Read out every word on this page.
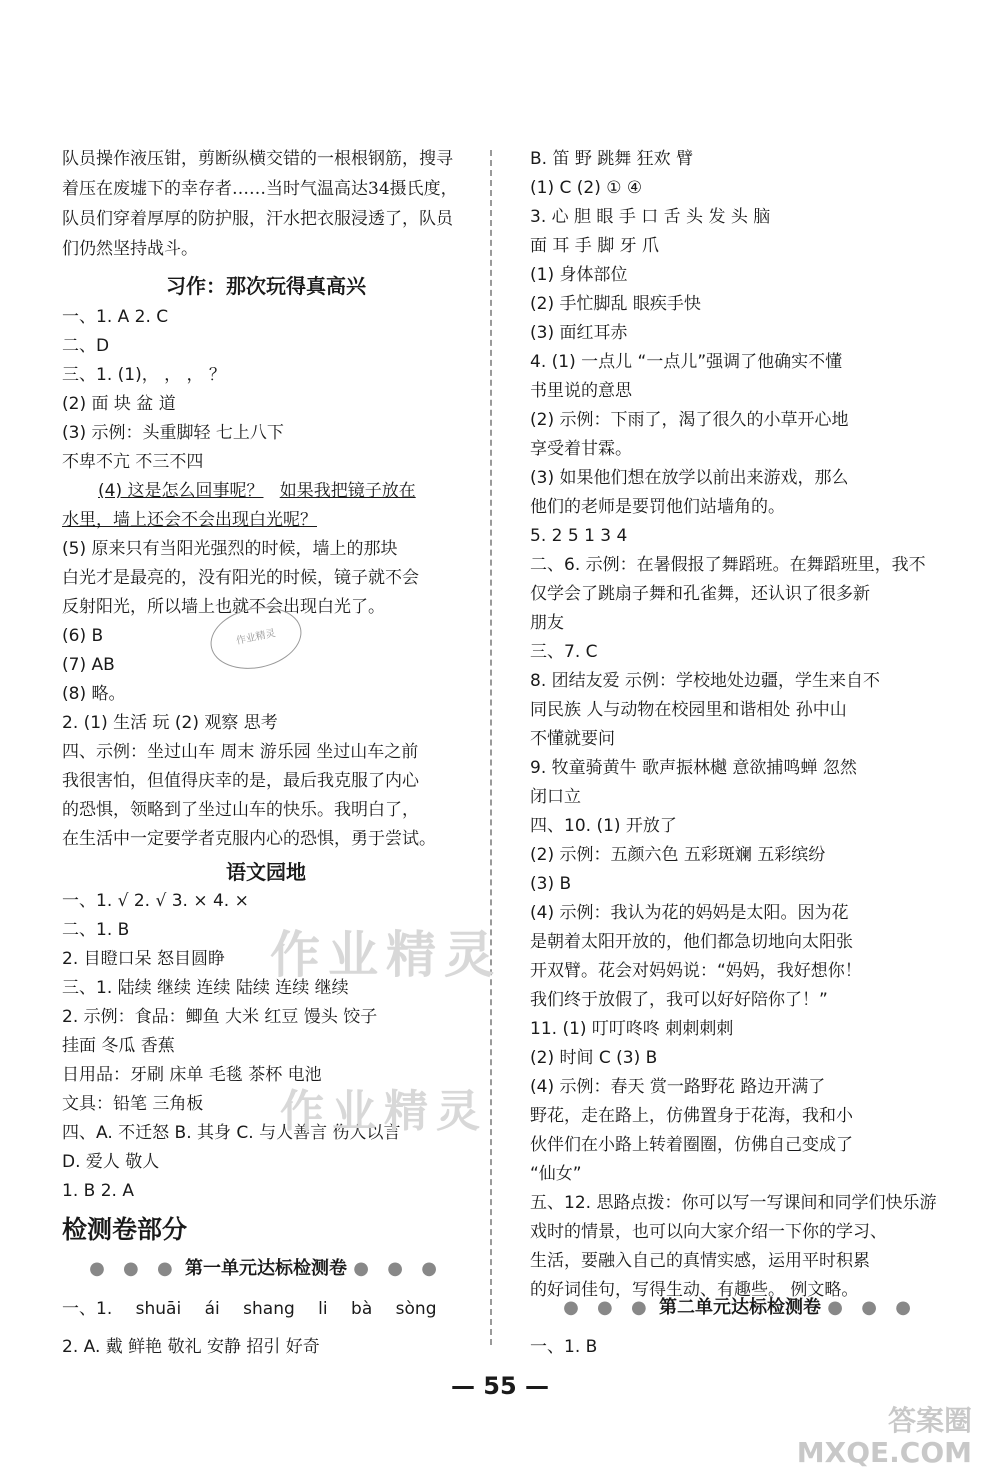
队员操作液压钳，剪断纵横交错的一根根钢筋，搜寻
着压在废墟下的幸存者……当时气温高达34摄氏度，
队员们穿着厚厚的防护服，汗水把衣服浸透了，队员
们仍然坚持战斗。
习作：那次玩得真高兴
一、1. A 2. C
二、D
三、1. (1)， ， ， ？
(2) 面 块 盆 道
(3) 示例：头重脚轻 七上八下
不卑不亢 不三不四
(4) 这是怎么回事呢？ 如果我把镜子放在
水里，墙上还会不会出现白光呢？
(5) 原来只有当阳光强烈的时候，墙上的那块
白光才是最亮的，没有阳光的时候，镜子就不会
反射阳光，所以墙上也就不会出现白光了。
(6) B
(7) AB
(8) 略。
2. (1) 生活 玩 (2) 观察 思考
四、示例：坐过山车 周末 游乐园 坐过山车之前
我很害怕，但值得庆幸的是，最后我克服了内心
的恐惧，领略到了坐过山车的快乐。我明白了，
在生活中一定要学者克服内心的恐惧，勇于尝试。
语文园地
一、1. √ 2. √ 3. × 4. ×
二、1. B
2. 目瞪口呆 怒目圆睁
三、1. 陆续 继续 连续 陆续 连续 继续
2. 示例：食品：鲫鱼 大米 红豆 馒头 饺子
挂面 冬瓜 香蕉
日用品：牙刷 床单 毛毯 茶杯 电池
文具：铅笔 三角板
四、A. 不迁怒 B. 其身 C. 与人善言 伤人以言
D. 爱人 敬人
1. B 2. A
检测卷部分
● ● ● 第一单元达标检测卷 ● ● ●
一、1. shuāi ái shang li bà sòng
2. A. 戴 鲜艳 敬礼 安静 招引 好奇
B. 笛 野 跳舞 狂欢 臂
(1) C (2) ① ④
3. 心 胆 眼 手 口 舌 头 发 头 脑
面 耳 手 脚 牙 爪
(1) 身体部位
(2) 手忙脚乱 眼疾手快
(3) 面红耳赤
4. (1) 一点儿 “一点儿”强调了他确实不懂
书里说的意思
(2) 示例：下雨了，渴了很久的小草开心地
享受着甘霖。
(3) 如果他们想在放学以前出来游戏，那么
他们的老师是要罚他们站墙角的。
5. 2 5 1 3 4
二、6. 示例：在暑假报了舞蹈班。在舞蹈班里，我不
仅学会了跳扇子舞和孔雀舞，还认识了很多新
朋友
三、7. C
8. 团结友爱 示例：学校地处边疆，学生来自不
同民族 人与动物在校园里和谐相处 孙中山
不懂就要问
9. 牧童骑黄牛 歌声振林樾 意欲捕鸣蝉 忽然
闭口立
四、10. (1) 开放了
(2) 示例：五颜六色 五彩斑斓 五彩缤纷
(3) B
(4) 示例：我认为花的妈妈是太阳。因为花
是朝着太阳开放的，他们都急切地向太阳张
开双臂。花会对妈妈说：“妈妈，我好想你！
我们终于放假了，我可以好好陪你了！”
11. (1) 叮叮咚咚 刺刺刺刺
(2) 时间 C (3) B
(4) 示例：春天 赏一路野花 路边开满了
野花，走在路上，仿佛置身于花海，我和小
伙伴们在小路上转着圈圈，仿佛自己变成了
“仙女”
五、12. 思路点拨：你可以写一写课间和同学们快乐游
戏时的情景，也可以向大家介绍一下你的学习、
生活，要融入自己的真情实感，运用平时积累
的好词佳句，写得生动、有趣些。 例文略。
● ● ● 第二单元达标检测卷 ● ● ●
一、1. B
作业精灵
作业精灵
作业精灵
— 55 —
答案圈
MXQE.COM
